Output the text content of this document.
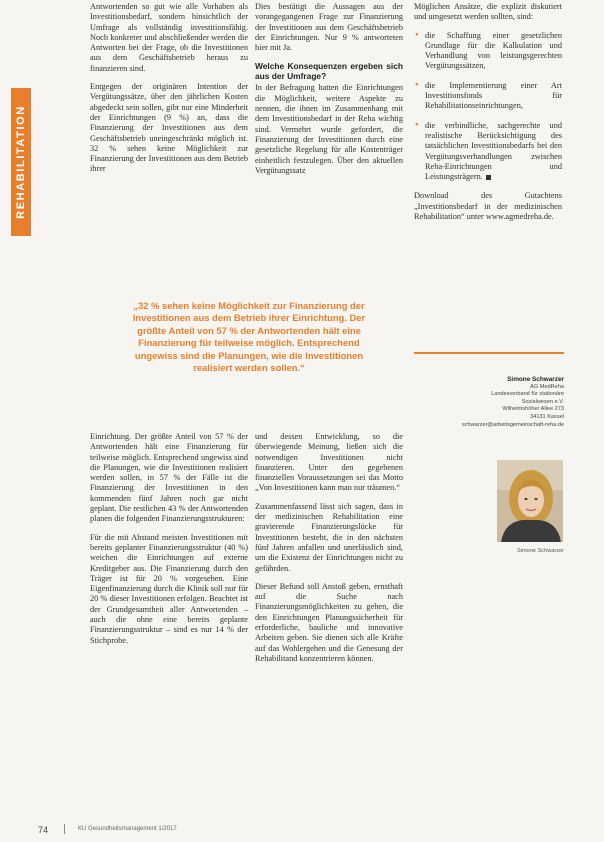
REHABILITATION

Antwortenden so gut wie alle Vorhaben als Investitionsbedarf, sondern hinsichtlich der Umfrage als vollständig investitionsfähig. Noch konkreter und abschließender werden die Antworten bei der Frage, ob die Investitionen aus dem Geschäftsbetrieb heraus zu finanzieren sind.

Entgegen der originären Intention der Vergütungssätze, über den jährlichen Kosten abgedeckt sein sollen, gibt nur eine Minderheit der Einrichtungen (9 %) an, dass die Finanzierung der Investitionen aus dem Geschäftsbetrieb uneingeschränkt möglich ist. 32 % sehen keine Möglichkeit zur Finanzierung der Investitionen aus dem Betrieb ihrer

Dies bestätigt die Aussagen aus der vorangegangenen Frage zur Finanzierung der Investitionen aus dem Geschäftsbetrieb der Einrichtungen. Nur 9 % antworteten hier mit Ja.

Welche Konsequenzen ergeben sich aus der Umfrage?

In der Befragung hatten die Einrichtungen die Möglichkeit, weitere Aspekte zu nennen, die ihnen im Zusammenhang mit dem Investitionsbedarf in der Reha wichtig sind. Vermehrt wurde gefordert, die Finanzierung der Investitionen durch eine gesetzliche Regelung für alle Kostenträger einheitlich festzulegen. Über den aktuellen Vergütungssatz

Möglichen Ansätze, die explizit diskutiert und umgesetzt werden sollten, sind:

• die Schaffung einer gesetzlichen Grundlage für die Kalkulation und Verhandlung von leistungsgerechten Vergütungssätzen,
• die Implementierung einer Art Investitionsfonds für Rehabilitationseinrichtungen,
• die verbindliche, sachgerechte und realistische Berücksichtigung des tatsächlichen Investitionsbedarfs bei den Vergütungsverhandlungen zwischen Reha-Einrichtungen und Leistungsträgern.

Download des Gutachtens „Investitionsbedarf in der medizinischen Rehabilitation“ unter www.agmedreha.de.

„32 % sehen keine Möglichkeit zur Finanzierung der Investitionen aus dem Betrieb ihrer Einrichtung. Der größte Anteil von 57 % der Antwortenden hält eine Finanzierung für teilweise möglich. Entsprechend ungewiss sind die Planungen, wie die Investitionen realisiert werden sollen.“
Simone Schwarzer
AG MedReha
Landesverband für stationäre
Sozialwesen e.V.
Wilhelmshöher Allee 273
34131 Kassel
schwarzer@arbeitsgemeinschaft-reha.de
Simone Schwarzer

Einrichtung. Der größte Anteil von 57 % der Antwortenden hält eine Finanzierung für teilweise möglich. Entsprechend ungewiss sind die Planungen, wie die Investitionen realisiert werden sollen, in 57 % der Fälle ist die Finanzierung der Investitionen in den kommenden fünf Jahren noch gar nicht geplant. Die restlichen 43 % der Antwortenden planen die folgenden Finanzierungsstrukturen:

Für die mit Abstand meisten Investitionen mit bereits geplanter Finanzierungsstruktur (40 %) weichen die Einrichtungen auf externe Kreditgeber aus. Die Finanzierung durch den Träger ist für 20 % vorgesehen. Eine Eigenfinanzierung durch die Klinik soll nur für 20 % dieser Investitionen erfolgen. Beachtet ist der Grundgesamtheit aller Antwortenden – auch die ohne eine bereits geplante Finanzierungsstruktur – sind es nur 14 % der Stichprobe.

und dessen Entwicklung, so die überwiegende Meinung, ließen sich die notwendigen Investitionen nicht finanzieren. Unter den gegebenen finanziellen Voraussetzungen sei das Motto „Von Investitionen kann man nur träumen.“

Zusammenfassend lässt sich sagen, dass in der medizinischen Rehabilitation eine gravierende Finanzierungslücke für Investitionen besteht, die in den nächsten fünf Jahren anfallen und unerlässlich sind, um die Existenz der Einrichtungen nicht zu gefährden.

Dieser Befund soll Anstoß geben, ernsthaft auf die Suche nach Finanzierungsmöglichkeiten zu gehen, die den Einrichtungen Planungssicherheit für erforderliche, bauliche und innovative Arbeiten geben. Sie dienen sich alle Kräfte auf das Wohlergehen und die Genesung der Rehabilitand konzentrieren können.

74	KU Gesundheitsmanagement 1/2017
